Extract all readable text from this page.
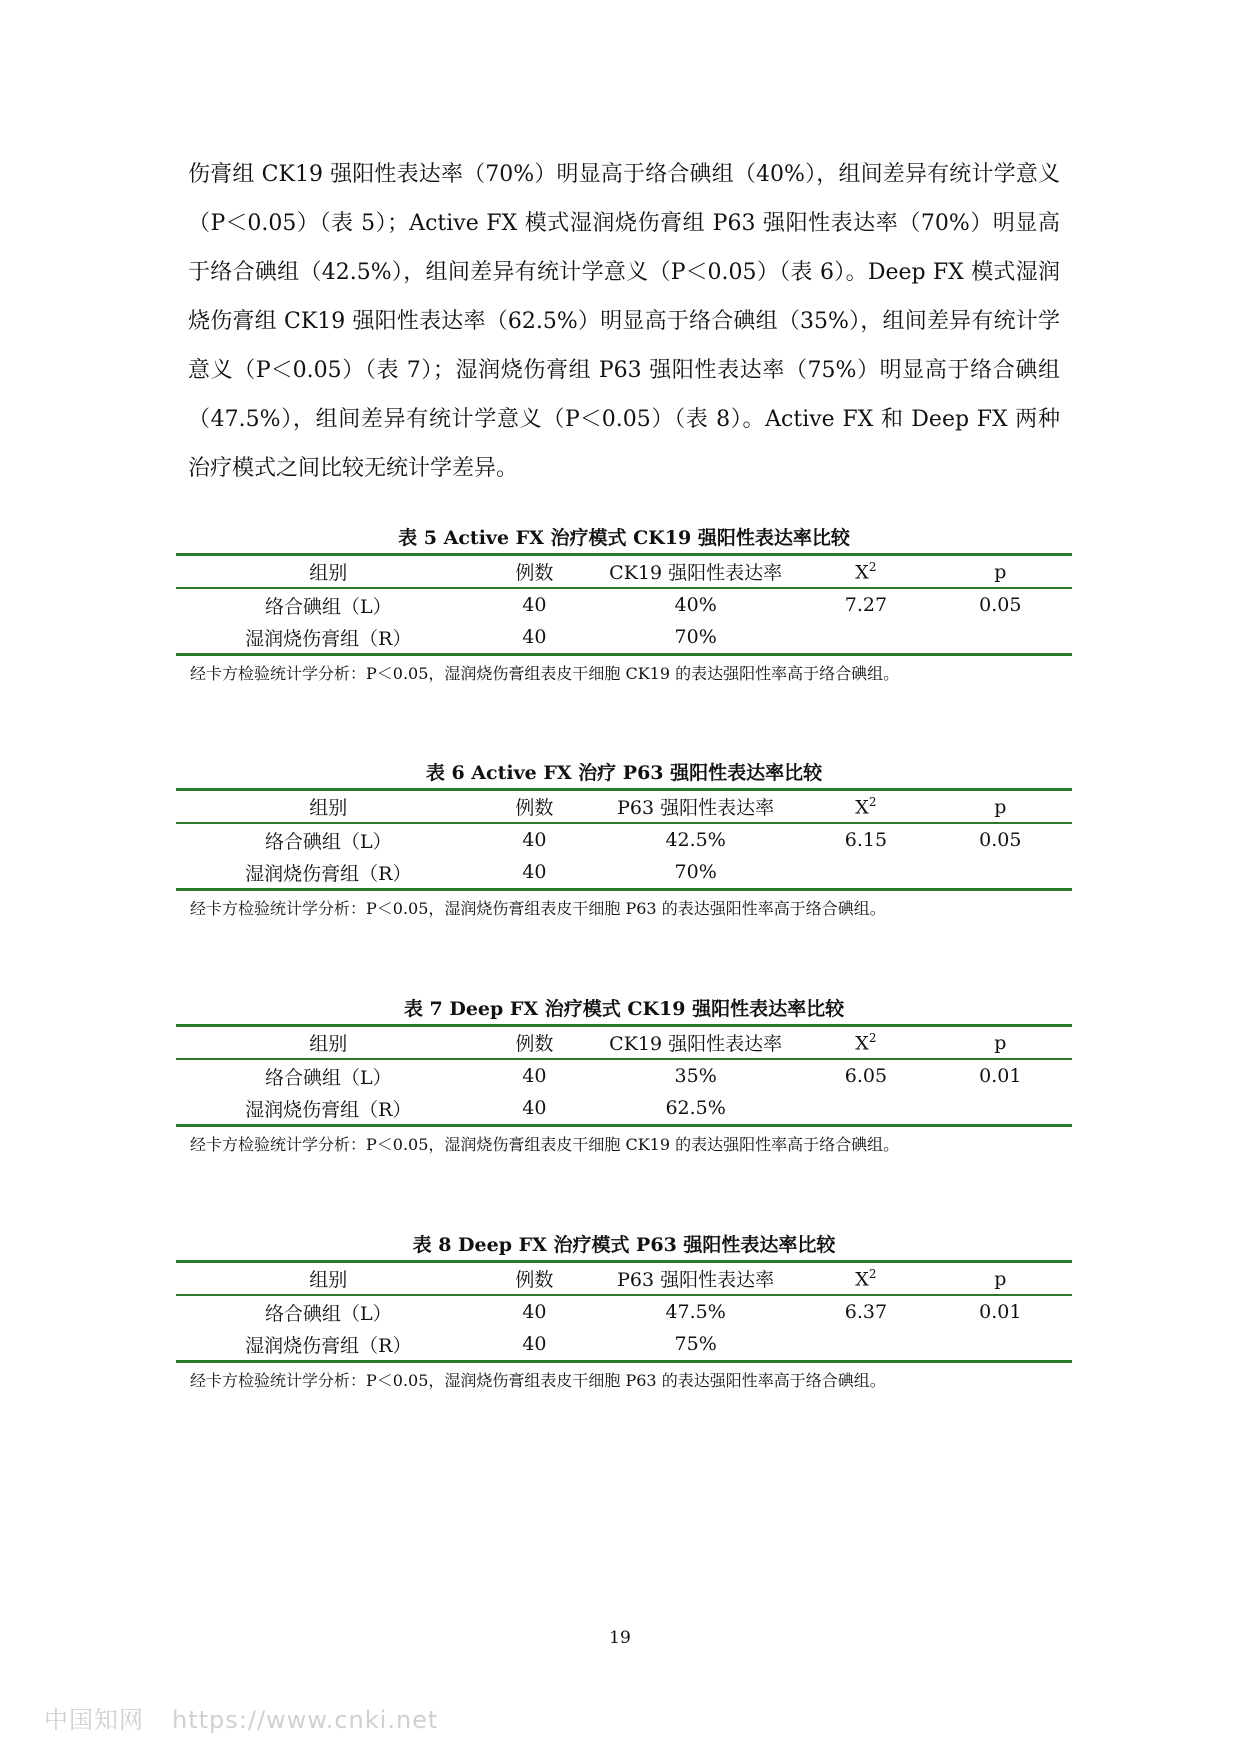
伤膏组 CK19 强阳性表达率（70%）明显高于络合碘组（40%），组间差异有统计学意义（P＜0.05）（表 5）；Active FX 模式湿润烧伤膏组 P63 强阳性表达率（70%）明显高于络合碘组（42.5%），组间差异有统计学意义（P＜0.05）（表 6）。Deep FX 模式湿润烧伤膏组 CK19 强阳性表达率（62.5%）明显高于络合碘组（35%），组间差异有统计学意义（P＜0.05）（表 7）；湿润烧伤膏组 P63 强阳性表达率（75%）明显高于络合碘组（47.5%），组间差异有统计学意义（P＜0.05）（表 8）。Active FX 和 Deep FX 两种治疗模式之间比较无统计学差异。

表 5 Active FX 治疗模式 CK19 强阳性表达率比较
组别	例数	CK19 强阳性表达率	$X^2$	p
络合碘组（L）	40	40%	7.27	0.05
湿润烧伤膏组（R）	40	70%		
经卡方检验统计学分析：P＜0.05，湿润烧伤膏组表皮干细胞 CK19 的表达强阳性率高于络合碘组。
表 6 Active FX 治疗 P63 强阳性表达率比较
组别	例数	P63 强阳性表达率	$X^2$	p
络合碘组（L）	40	42.5%	6.15	0.05
湿润烧伤膏组（R）	40	70%		
经卡方检验统计学分析：P＜0.05，湿润烧伤膏组表皮干细胞 P63 的表达强阳性率高于络合碘组。
表 7 Deep FX 治疗模式 CK19 强阳性表达率比较
组别	例数	CK19 强阳性表达率	$X^2$	p
络合碘组（L）	40	35%	6.05	0.01
湿润烧伤膏组（R）	40	62.5%		
经卡方检验统计学分析：P＜0.05，湿润烧伤膏组表皮干细胞 CK19 的表达强阳性率高于络合碘组。
表 8 Deep FX 治疗模式 P63 强阳性表达率比较
组别	例数	P63 强阳性表达率	$X^2$	p
络合碘组（L）	40	47.5%	6.37	0.01
湿润烧伤膏组（R）	40	75%		
经卡方检验统计学分析：P＜0.05，湿润烧伤膏组表皮干细胞 P63 的表达强阳性率高于络合碘组。
19
中国知网 https://www.cnki.net
